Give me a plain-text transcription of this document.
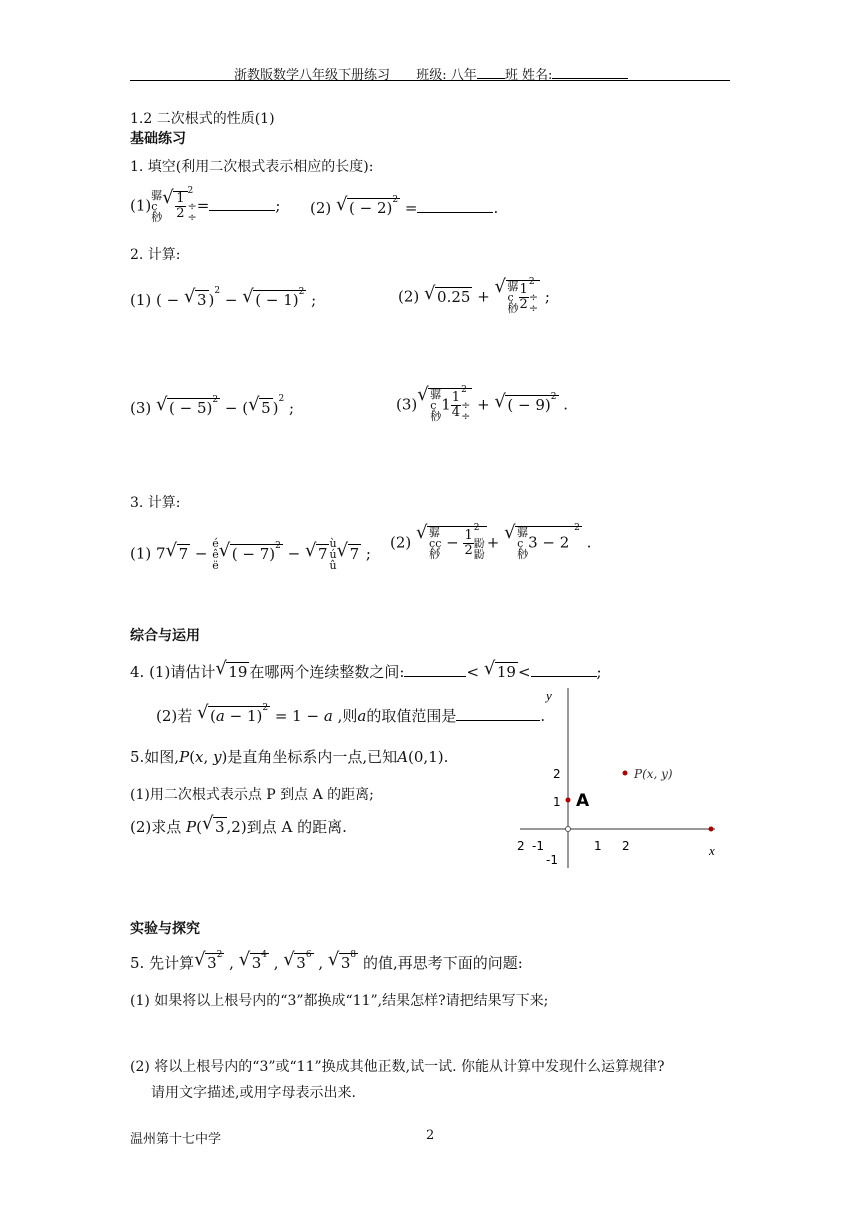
浙教版数学八年级下册练习 班级: 八年 班 姓名:
1.2 二次根式的性质(1)
基础练习
1. 填空(利用二次根式表示相应的长度):
(1)骣
ç
桫
√ $\frac{1}{2}$
$^2$
÷
÷=	; (2) √ ( − 2)$^2$ =	.
2. 计算:
(1) ( − √ 3 )$^2$ − √ ( − 1)$^2$ ;	(2) √ 0.25 + √ 骣
ç
桫 $\frac{1}{2}$
$^2$
÷
÷ ;
(3) √ ( − 5)$^2$ − ( √ 5 )$^2$ ;	(3) √ 骣
ç
桫$1 \frac{1}{4}$
$^2$
÷
÷ + √ ( − 9)$^2$ .
3. 计算:
(1) 7 √ 7 − é
ê
ë
√ ( − 7)$^2$ − √ 7ù
ú
û
√ 7 ;
(2) √ 骣
çç
桫 − $\frac{1}{2}$
$^2$
鼢
鼢+ √ 骣
ç
桫3 − 2 $^2$ .
综合与运用
4. (1)请估计 √ 19 在哪两个连续整数之间:	< √ 19 <	;
(2)若 √ $(a - 1)^2 = 1 - a$ ,则a的取值范围是	.
5.如图,P(x, y)是直角坐标系内一点,已知A(0,1).
(1)用二次根式表示点 P 到点 A 的距离;
(2)求点 P( √ 3 ,2)到点 A 的距离.
y
x
2
1
-1
2 -1	1 2
A
P(x, y)
实验与探究
5. 先计算 √ $3^2$ , √ $3^4$ , √ $3^6$ , √ $3^8$ 的值,再思考下面的问题:
(1) 如果将以上根号内的“3”都换成“11”,结果怎样?请把结果写下来;
(2) 将以上根号内的“3”或“11”换成其他正数,试一试. 你能从计算中发现什么运算规律?
请用文字描述,或用字母表示出来.
温州第十七中学	2
